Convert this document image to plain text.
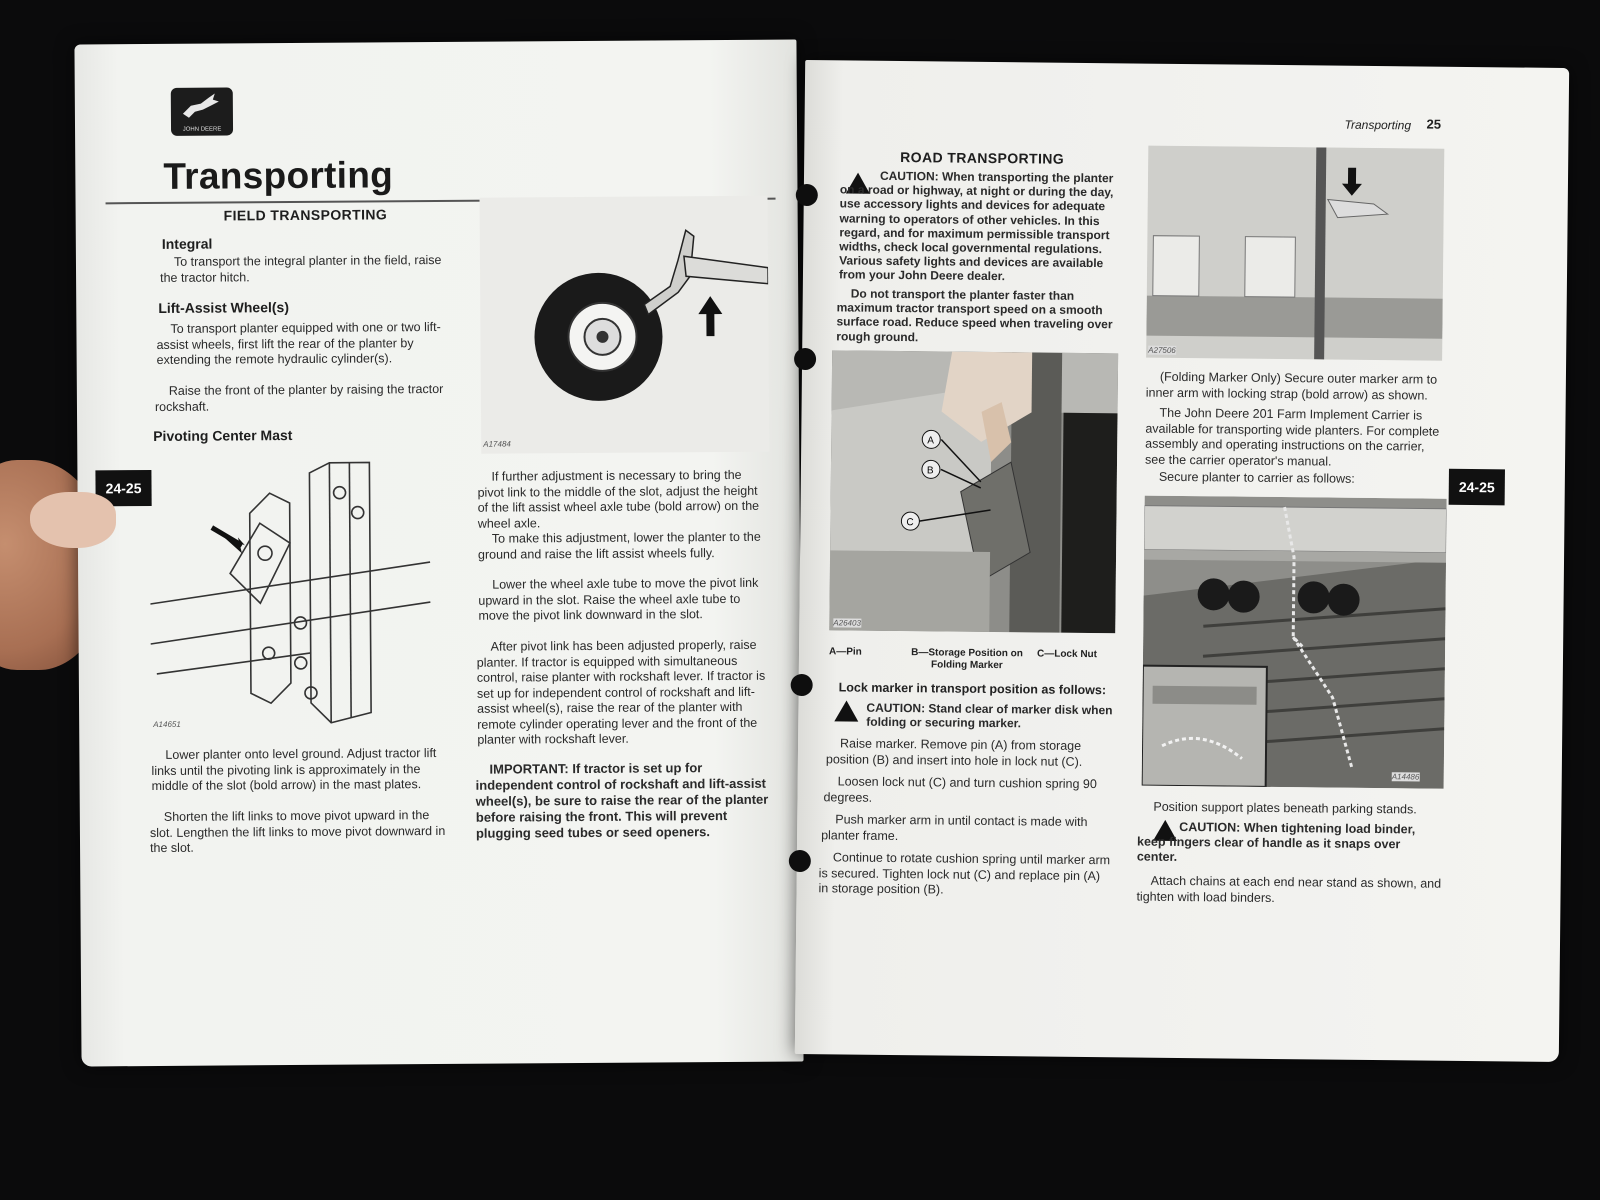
JOHN DEERE
Transporting
FIELD TRANSPORTING
Integral
To transport the integral planter in the field, raise the tractor hitch.
Lift-Assist Wheel(s)
To transport planter equipped with one or two lift-assist wheels, first lift the rear of the planter by extending the remote hydraulic cylinder(s).
Raise the front of the planter by raising the tractor rockshaft.
Pivoting Center Mast
24-25
A14651
Lower planter onto level ground. Adjust tractor lift links until the pivoting link is approximately in the middle of the slot (bold arrow) in the mast plates.
Shorten the lift links to move pivot upward in the slot. Lengthen the lift links to move pivot downward in the slot.
A17484
If further adjustment is necessary to bring the pivot link to the middle of the slot, adjust the height of the lift assist wheel axle tube (bold arrow) on the wheel axle.
To make this adjustment, lower the planter to the ground and raise the lift assist wheels fully.
Lower the wheel axle tube to move the pivot link upward in the slot. Raise the wheel axle tube to move the pivot link downward in the slot.
After pivot link has been adjusted properly, raise planter. If tractor is equipped with simultaneous control, raise planter with rockshaft lever. If tractor is set up for independent control of rockshaft and lift-assist wheel(s), raise the rear of the planter with remote cylinder operating lever and the front of the planter with rockshaft lever.
IMPORTANT: If tractor is set up for independent control of rockshaft and lift-assist wheel(s), be sure to raise the rear of the planter before raising the front. This will prevent plugging seed tubes or seed openers.
Transporting 25
ROAD TRANSPORTING
CAUTION: When transporting the planter on a road or highway, at night or during the day, use accessory lights and devices for adequate warning to operators of other vehicles. In this regard, and for maximum permissible transport widths, check local governmental regulations. Various safety lights and devices are available from your John Deere dealer.
Do not transport the planter faster than maximum tractor transport speed on a smooth surface road. Reduce speed when traveling over rough ground.
A
B
C
A26403
A—Pin	B—Storage Position on Folding Marker
C—Lock Nut
Lock marker in transport position as follows:
CAUTION: Stand clear of marker disk when folding or securing marker.
Raise marker. Remove pin (A) from storage position (B) and insert into hole in lock nut (C).
Loosen lock nut (C) and turn cushion spring 90 degrees.
Push marker arm in until contact is made with planter frame.
Continue to rotate cushion spring until marker arm is secured. Tighten lock nut (C) and replace pin (A) in storage position (B).
A27506
(Folding Marker Only) Secure outer marker arm to inner arm with locking strap (bold arrow) as shown.
The John Deere 201 Farm Implement Carrier is available for transporting wide planters. For complete assembly and operating instructions on the carrier, see the carrier operator's manual.
Secure planter to carrier as follows:
24-25
A14486
Position support plates beneath parking stands.
CAUTION: When tightening load binder, keep fingers clear of handle as it snaps over center.
Attach chains at each end near stand as shown, and tighten with load binders.
